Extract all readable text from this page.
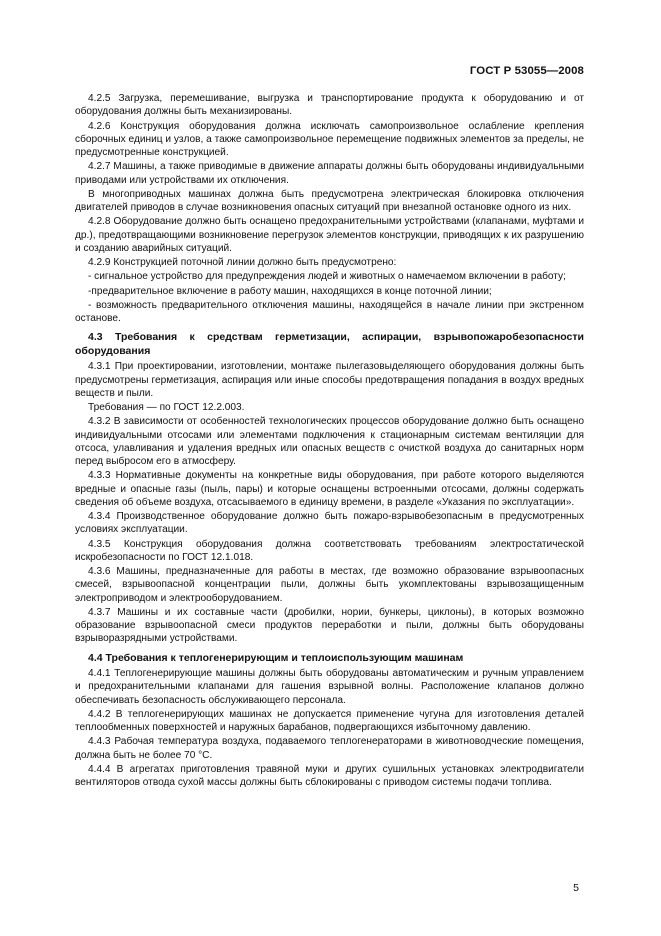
ГОСТ Р 53055—2008

4.2.5 Загрузка, перемешивание, выгрузка и транспортирование продукта к оборудованию и от оборудования должны быть механизированы.

4.2.6 Конструкция оборудования должна исключать самопроизвольное ослабление крепления сборочных единиц и узлов, а также самопроизвольное перемещение подвижных элементов за пределы, не предусмотренные конструкцией.

4.2.7 Машины, а также приводимые в движение аппараты должны быть оборудованы индивидуальными приводами или устройствами их отключения.

В многоприводных машинах должна быть предусмотрена электрическая блокировка отключения двигателей приводов в случае возникновения опасных ситуаций при внезапной остановке одного из них.

4.2.8 Оборудование должно быть оснащено предохранительными устройствами (клапанами, муфтами и др.), предотвращающими возникновение перегрузок элементов конструкции, приводящих к их разрушению и созданию аварийных ситуаций.

4.2.9 Конструкцией поточной линии должно быть предусмотрено:

- сигнальное устройство для предупреждения людей и животных о намечаемом включении в работу;

-предварительное включение в работу машин, находящихся в конце поточной линии;

- возможность предварительного отключения машины, находящейся в начале линии при экстренном останове.

4.3 Требования к средствам герметизации, аспирации, взрывопожаробезопасности оборудования

4.3.1 При проектировании, изготовлении, монтаже пылегазовыделяющего оборудования должны быть предусмотрены герметизация, аспирация или иные способы предотвращения попадания в воздух вредных веществ и пыли.

Требования — по ГОСТ 12.2.003.

4.3.2 В зависимости от особенностей технологических процессов оборудование должно быть оснащено индивидуальными отсосами или элементами подключения к стационарным системам вентиляции для отсоса, улавливания и удаления вредных или опасных веществ с очисткой воздуха до санитарных норм перед выбросом его в атмосферу.

4.3.3 Нормативные документы на конкретные виды оборудования, при работе которого выделяются вредные и опасные газы (пыль, пары) и которые оснащены встроенными отсосами, должны содержать сведения об объеме воздуха, отсасываемого в единицу времени, в разделе «Указания по эксплуатации».

4.3.4 Производственное оборудование должно быть пожаро-взрывобезопасным в предусмотренных условиях эксплуатации.

4.3.5 Конструкция оборудования должна соответствовать требованиям электростатической искробезопасности по ГОСТ 12.1.018.

4.3.6 Машины, предназначенные для работы в местах, где возможно образование взрывоопасных смесей, взрывоопасной концентрации пыли, должны быть укомплектованы взрывозащищенным электроприводом и электрооборудованием.

4.3.7 Машины и их составные части (дробилки, нории, бункеры, циклоны), в которых возможно образование взрывоопасной смеси продуктов переработки и пыли, должны быть оборудованы взрыворазрядными устройствами.

4.4 Требования к теплогенерирующим и теплоиспользующим машинам

4.4.1 Теплогенерирующие машины должны быть оборудованы автоматическим и ручным управлением и предохранительными клапанами для гашения взрывной волны. Расположение клапанов должно обеспечивать безопасность обслуживающего персонала.

4.4.2 В теплогенерирующих машинах не допускается применение чугуна для изготовления деталей теплообменных поверхностей и наружных барабанов, подвергающихся избыточному давлению.

4.4.3 Рабочая температура воздуха, подаваемого теплогенераторами в животноводческие помещения, должна быть не более 70 °С.

4.4.4 В агрегатах приготовления травяной муки и других сушильных установках электродвигатели вентиляторов отвода сухой массы должны быть сблокированы с приводом системы подачи топлива.

5
